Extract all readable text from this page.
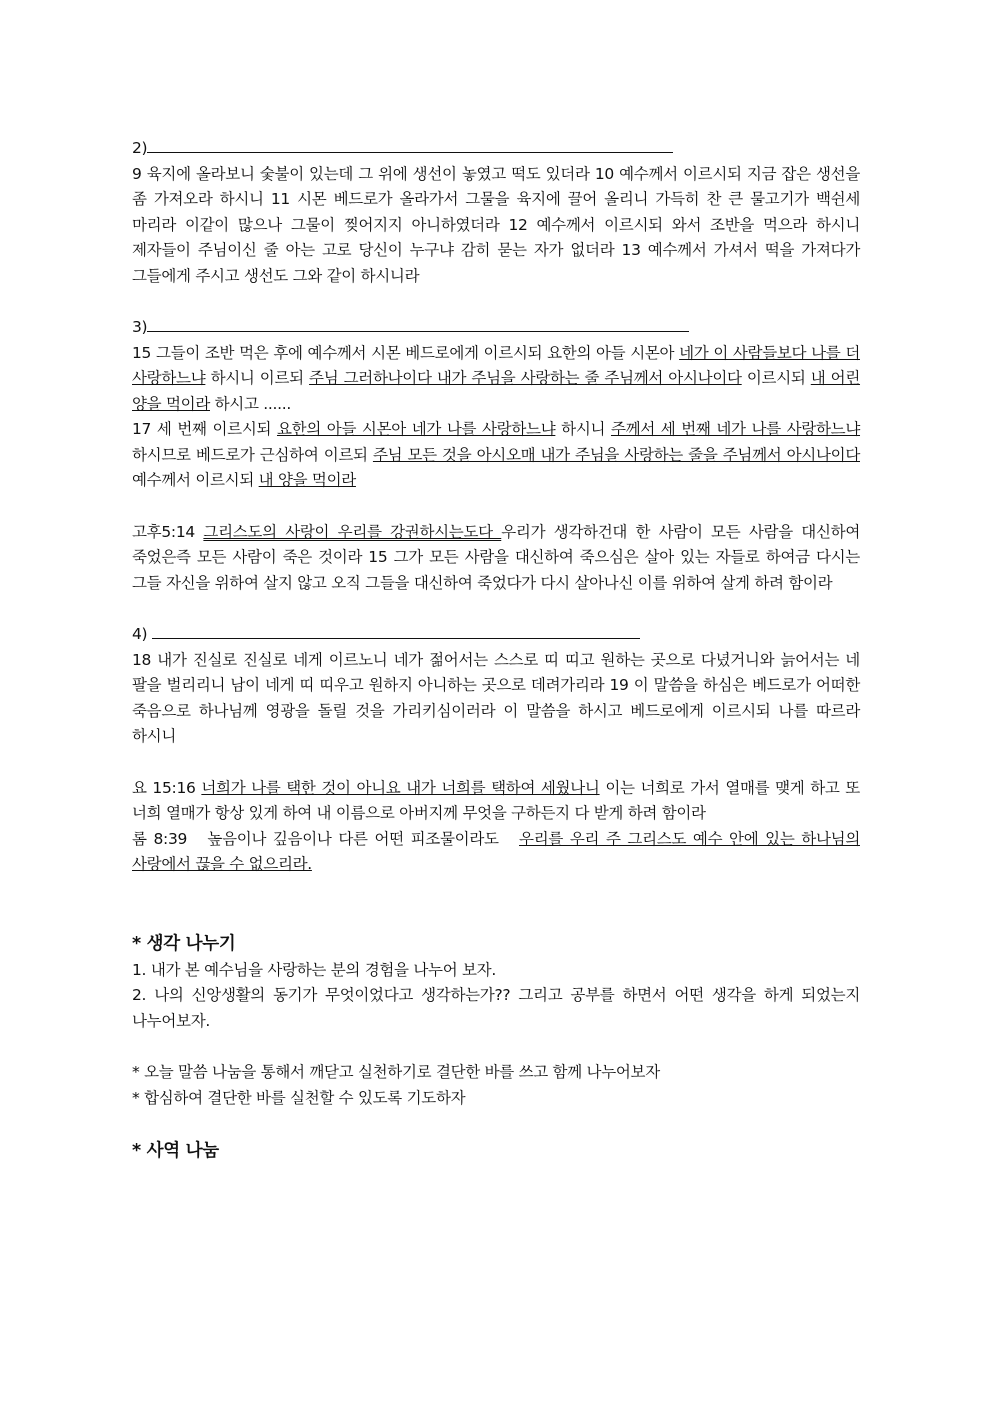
2)

9 육지에 올라보니 숯불이 있는데 그 위에 생선이 놓였고 떡도 있더라 10 예수께서 이르시되 지금 잡은 생선을 좀 가져오라 하시니 11 시몬 베드로가 올라가서 그물을 육지에 끌어 올리니 가득히 찬 큰 물고기가 백쉰세 마리라 이같이 많으나 그물이 찢어지지 아니하였더라 12 예수께서 이르시되 와서 조반을 먹으라 하시니 제자들이 주님이신 줄 아는 고로 당신이 누구냐 감히 묻는 자가 없더라 13 예수께서 가셔서 떡을 가져다가 그들에게 주시고 생선도 그와 같이 하시니라

3)

15 그들이 조반 먹은 후에 예수께서 시몬 베드로에게 이르시되 요한의 아들 시몬아 네가 이 사람들보다 나를 더 사랑하느냐 하시니 이르되 주님 그러하나이다 내가 주님을 사랑하는 줄 주님께서 아시나이다 이르시되 내 어린 양을 먹이라 하시고 ......

17 세 번째 이르시되 요한의 아들 시몬아 네가 나를 사랑하느냐 하시니 주께서 세 번째 네가 나를 사랑하느냐 하시므로 베드로가 근심하여 이르되 주님 모든 것을 아시오매 내가 주님을 사랑하는 줄을 주님께서 아시나이다 예수께서 이르시되 내 양을 먹이라

고후5:14 그리스도의 사랑이 우리를 강권하시는도다 우리가 생각하건대 한 사람이 모든 사람을 대신하여 죽었은즉 모든 사람이 죽은 것이라 15 그가 모든 사람을 대신하여 죽으심은 살아 있는 자들로 하여금 다시는 그들 자신을 위하여 살지 않고 오직 그들을 대신하여 죽었다가 다시 살아나신 이를 위하여 살게 하려 함이라

4)

18 내가 진실로 진실로 네게 이르노니 네가 젊어서는 스스로 띠 띠고 원하는 곳으로 다녔거니와 늙어서는 네 팔을 벌리리니 남이 네게 띠 띠우고 원하지 아니하는 곳으로 데려가리라 19 이 말씀을 하심은 베드로가 어떠한 죽음으로 하나님께 영광을 돌릴 것을 가리키심이러라 이 말씀을 하시고 베드로에게 이르시되 나를 따르라 하시니

요 15:16 너희가 나를 택한 것이 아니요 내가 너희를 택하여 세웠나니 이는 너희로 가서 열매를 맺게 하고 또 너희 열매가 항상 있게 하여 내 이름으로 아버지께 무엇을 구하든지 다 받게 하려 함이라

롬 8:39   높음이나 깊음이나 다른 어떤 피조물이라도   우리를 우리 주 그리스도 예수 안에 있는 하나님의 사랑에서 끊을 수 없으리라.

* 생각 나누기

1. 내가 본 예수님을 사랑하는 분의 경험을 나누어 보자.

2. 나의 신앙생활의 동기가 무엇이었다고 생각하는가?? 그리고 공부를 하면서 어떤 생각을 하게 되었는지 나누어보자.

* 오늘 말씀 나눔을 통해서 깨닫고 실천하기로 결단한 바를 쓰고 함께 나누어보자

* 합심하여 결단한 바를 실천할 수 있도록 기도하자

* 사역 나눔
